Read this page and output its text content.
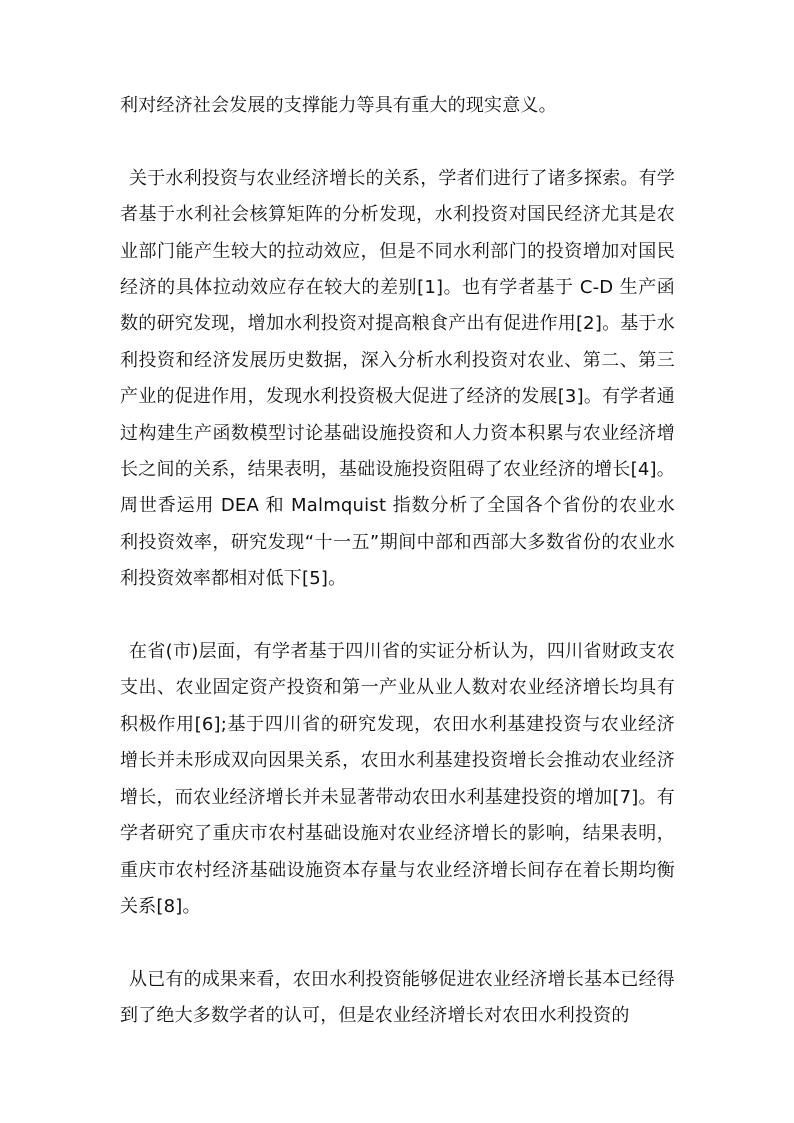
利对经济社会发展的支撑能力等具有重大的现实意义。

关于水利投资与农业经济增长的关系，学者们进行了诸多探索。有学者基于水利社会核算矩阵的分析发现，水利投资对国民经济尤其是农业部门能产生较大的拉动效应，但是不同水利部门的投资增加对国民经济的具体拉动效应存在较大的差别[1]。也有学者基于 C-D 生产函数的研究发现，增加水利投资对提高粮食产出有促进作用[2]。基于水利投资和经济发展历史数据，深入分析水利投资对农业、第二、第三产业的促进作用，发现水利投资极大促进了经济的发展[3]。有学者通过构建生产函数模型讨论基础设施投资和人力资本积累与农业经济增长之间的关系，结果表明，基础设施投资阻碍了农业经济的增长[4]。周世香运用 DEA 和 Malmquist 指数分析了全国各个省份的农业水利投资效率，研究发现“十一五”期间中部和西部大多数省份的农业水利投资效率都相对低下[5]。

在省(市)层面，有学者基于四川省的实证分析认为，四川省财政支农支出、农业固定资产投资和第一产业从业人数对农业经济增长均具有积极作用[6];基于四川省的研究发现，农田水利基建投资与农业经济增长并未形成双向因果关系，农田水利基建投资增长会推动农业经济增长，而农业经济增长并未显著带动农田水利基建投资的增加[7]。有学者研究了重庆市农村基础设施对农业经济增长的影响，结果表明，重庆市农村经济基础设施资本存量与农业经济增长间存在着长期均衡关系[8]。

从已有的成果来看，农田水利投资能够促进农业经济增长基本已经得到了绝大多数学者的认可，但是农业经济增长对农田水利投资的
